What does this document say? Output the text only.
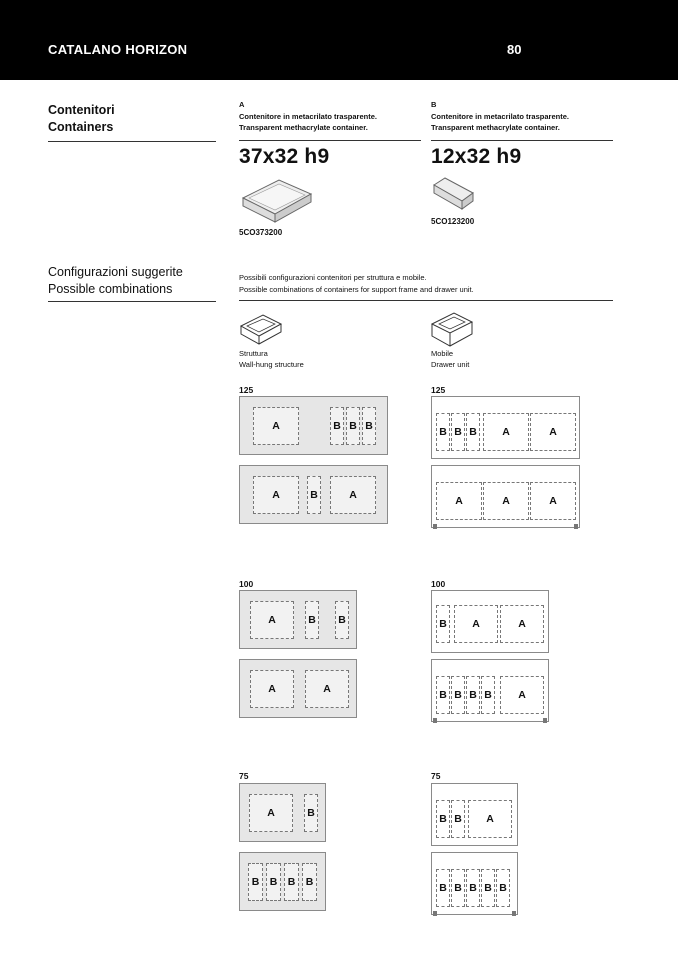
CATALANO HORIZON	80
Contenitori
Containers
A
Contenitore in metacrilato trasparente.
Transparent methacrylate container.
37x32 h9
5CO373200
B
Contenitore in metacrilato trasparente.
Transparent methacrylate container.
12x32 h9
5CO123200
Configurazioni suggerite
Possible combinations
Possibili configurazioni contenitori per struttura e mobile.
Possible combinations of containers for support frame and drawer unit.
Struttura
Wall-hung structure
Mobile
Drawer unit
125	125
100	100
75	75
A	B B B
A	B	A
A	B	B
A	A
A	B
B B B B
B B B	A	A
A	A	A
B	A	A
B B B B	A
B B	A
B B B B B
